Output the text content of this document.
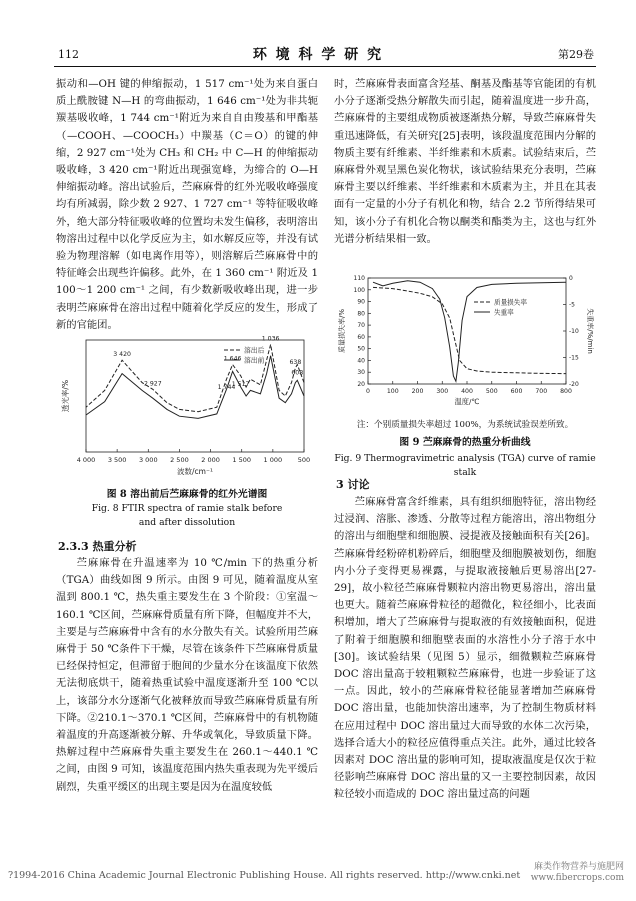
112	环 境 科 学 研 究	第29卷

振动和—OH 键的伸缩振动，1 517 cm⁻¹处为来自蛋白质上酰胺键 N—H 的弯曲振动，1 646 cm⁻¹处为非共轭羰基吸收峰，1 744 cm⁻¹附近为来自自由羧基和甲酯基（—COOH、—COOCH₃）中羰基（C＝O）的键的伸缩，2 927 cm⁻¹处为 CH₃ 和 CH₂ 中 C—H 的伸缩振动吸收峰，3 420 cm⁻¹附近出现强宽峰，为缔合的 O—H 伸缩振动峰。溶出试验后，苎麻麻骨的红外光吸收峰强度均有所减弱，除少数 2 927、1 727 cm⁻¹ 等特征吸收峰外，绝大部分特征吸收峰的位置均未发生偏移，表明溶出物溶出过程中以化学反应为主，如水解反应等，并没有试验为物理溶解（如电离作用等），则溶解后苎麻麻骨中的特征峰会出现些许偏移。此外，在 1 360 cm⁻¹ 附近及 1 100～1 200 cm⁻¹ 之间，有少数新吸收峰出现，进一步表明苎麻麻骨在溶出过程中随着化学反应的发生，形成了新的官能团。

4 000 3 500 3 000 2 500 2 000 1 500 1 000 500
波数/cm⁻¹
透光率/%
溶出后
溶出前
1 036
1 646
3 420
2 927	1 517
1 744
638
608
图 8 溶出前后苎麻麻骨的红外光谱图
Fig. 8 FTIR spectra of ramie stalk before
and after dissolution
2.3.3 热重分析
苎麻麻骨在升温速率为 10 ℃/min 下的热重分析（TGA）曲线如图 9 所示。由图 9 可见，随着温度从室温到 800.1 ℃，热失重主要发生在 3 个阶段：①室温～160.1 ℃区间，苎麻麻骨质量有所下降，但幅度并不大，主要是与苎麻麻骨中含有的水分散失有关。试验所用苎麻麻骨于 50 ℃条件下干燥，尽管在该条件下苎麻麻骨质量已经保持恒定，但滞留于胞间的少量水分在该温度下依然无法彻底烘干，随着热重试验中温度逐渐升至 100 ℃以上，该部分水分逐渐气化被释放而导致苎麻麻骨质量有所下降。②210.1～370.1 ℃区间，苎麻麻骨中的有机物随着温度的升高逐渐被分解、升华或氧化，导致质量下降。热解过程中苎麻麻骨失重主要发生在 260.1～440.1 ℃之间，由图 9 可知，该温度范围内热失重表现为先平缓后剧烈，失重平缓区的出现主要是因为在温度较低
时，苎麻麻骨表面富含羟基、酮基及酯基等官能团的有机小分子逐渐受热分解散失而引起，随着温度进一步升高，苎麻麻骨的主要组成物质被逐渐热分解，导致苎麻麻骨失重迅速降低，有关研究[25]表明，该段温度范围内分解的物质主要有纤维素、半纤维素和木质素。试验结束后，苎麻麻骨外观呈黑色炭化物状，该试验结果充分表明，苎麻麻骨主要以纤维素、半纤维素和木质素为主，并且在其表面有一定量的小分子有机化和物，结合 2.2 节所得结果可知，该小分子有机化合物以酮类和酯类为主，这也与红外光谱分析结果相一致。
0	100 200 300 400 500 600 700 800
20
30
40
50
60
70
80
90
100
110	0
-5
-10
-15
-20
温度/℃
质量损失率/%	失重率/%/min
质量损失率
失重率
注：个别质量损失率超过 100%，为系统试验误差所致。
图 9 苎麻麻骨的热重分析曲线
Fig. 9 Thermogravimetric analysis (TGA) curve of ramie stalk
3 讨论
苎麻麻骨富含纤维素，具有组织细胞特征，溶出物经过浸润、溶胀、渗透、分散等过程方能溶出，溶出物组分的溶出与细胞壁和细胞膜、浸提液及接触面积有关[26]。苎麻麻骨经粉碎机粉碎后，细胞壁及细胞膜被划伤，细胞内小分子变得更易裸露，与提取液接触后更易溶出[27-29]，故小粒径苎麻麻骨颗粒内溶出物更易溶出，溶出量也更大。随着苎麻麻骨粒径的超微化，粒径细小，比表面积增加，增大了苎麻麻骨与提取液的有效接触面积，促进了附着于细胞膜和细胞壁表面的水溶性小分子溶于水中[30]。该试验结果（见图 5）显示，细微颗粒苎麻麻骨 DOC 溶出量高于较粗颗粒苎麻麻骨，也进一步验证了这一点。因此，较小的苎麻麻骨粒径能显著增加苎麻麻骨 DOC 溶出量，也能加快溶出速率，为了控制生物质材料在应用过程中 DOC 溶出量过大而导致的水体二次污染，选择合适大小的粒径应值得重点关注。此外，通过比较各因素对 DOC 溶出量的影响可知，提取液温度是仅次于粒径影响苎麻麻骨 DOC 溶出量的又一主要控制因素，故因粒径较小而造成的 DOC 溶出量过高的问题
?1994-2016 China Academic Journal Electronic Publishing House. All rights reserved. http://www.cnki.net
麻类作物营养与施肥网
www.fibercrops.com
